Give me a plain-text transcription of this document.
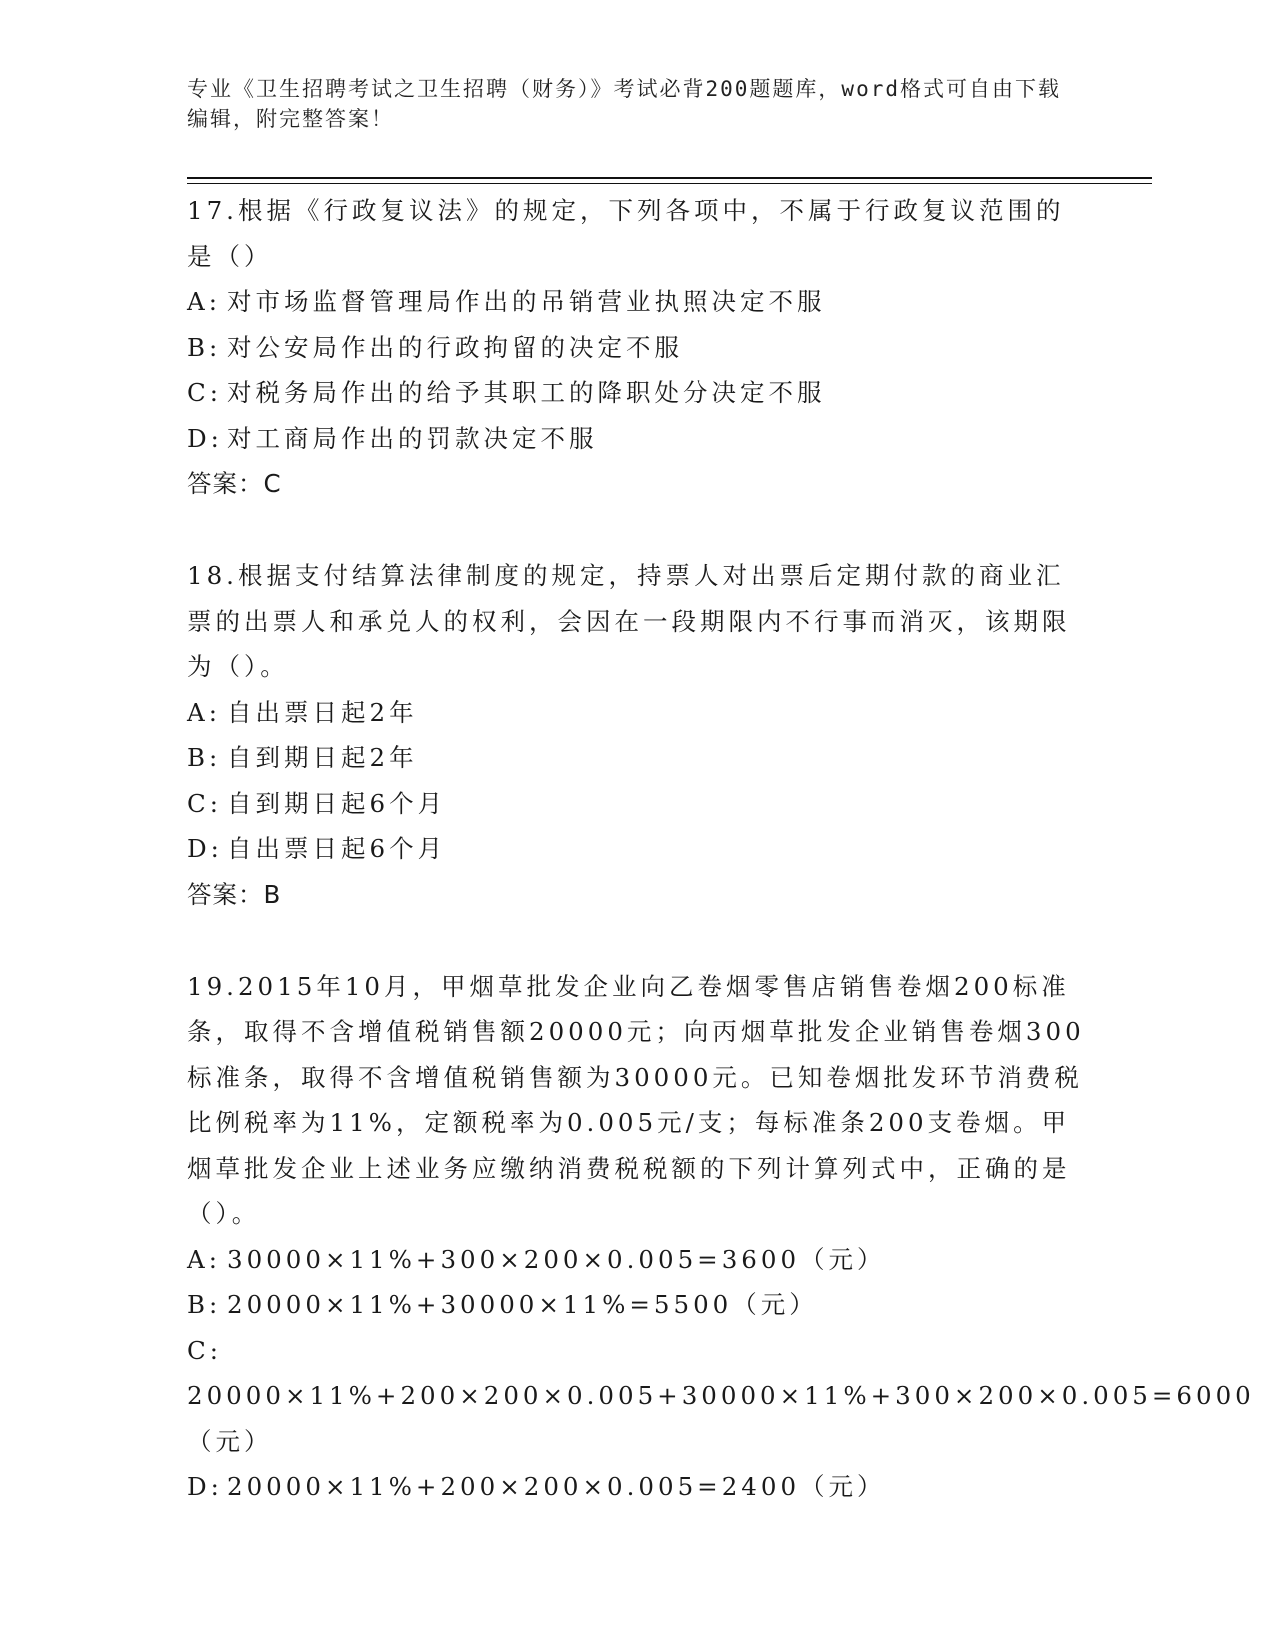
专业《卫生招聘考试之卫生招聘（财务）》考试必背200题题库，word格式可自由下载编辑，附完整答案！

17.根据《行政复议法》的规定，下列各项中，不属于行政复议范围的是（）

A: 对市场监督管理局作出的吊销营业执照决定不服

B: 对公安局作出的行政拘留的决定不服

C: 对税务局作出的给予其职工的降职处分决定不服

D: 对工商局作出的罚款决定不服

答案：C

18.根据支付结算法律制度的规定，持票人对出票后定期付款的商业汇票的出票人和承兑人的权利，会因在一段期限内不行事而消灭，该期限为（）。

A: 自出票日起2年

B: 自到期日起2年

C: 自到期日起6个月

D: 自出票日起6个月

答案：B

19.2015年10月，甲烟草批发企业向乙卷烟零售店销售卷烟200标准条，取得不含增值税销售额20000元；向丙烟草批发企业销售卷烟300标准条，取得不含增值税销售额为30000元。已知卷烟批发环节消费税比例税率为11%，定额税率为0.005元/支；每标准条200支卷烟。甲烟草批发企业上述业务应缴纳消费税税额的下列计算列式中，正确的是（）。

A: 30000×11%+300×200×0.005=3600（元）

B: 20000×11%+30000×11%=5500（元）

C:20000×11%+200×200×0.005+30000×11%+300×200×0.005=6000（元）

D: 20000×11%+200×200×0.005=2400（元）
